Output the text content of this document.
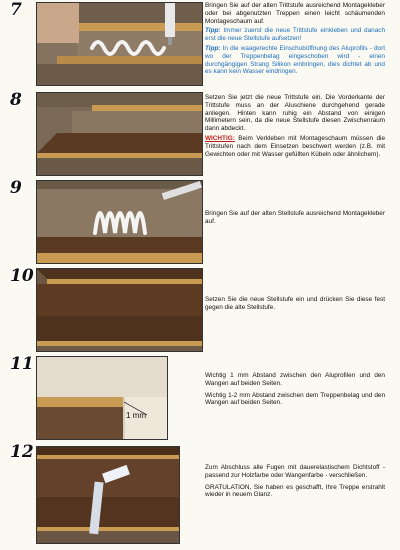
7	Bringen Sie auf der alten Trittstufe ausreichend Montagekleber oder bei abgenutzten Treppen einen leicht schäumenden Montageschaum auf.

Tipp: Immer zuerst die neue Trittstufe einkleben und danach erst die neue Stellstufe aufsetzen!

Tipp: In die waagerechte Einschuböffnung des Aluprofils - dort wo der Treppenbelag eingeschoben wird - einen durchgängigen Strang Silikon einbringen, dies dichtet ab und es kann kein Wasser eindringen.

8	Setzen Sie jetzt die neue Trittstufe ein. Die Vorderkante der Trittstufe muss an der Aluschiene durchgehend gerade anliegen. Hinten kann ruhig ein Abstand von einigen Millimetern sein, da die neue Stellstufe diesen Zwischenraum dann abdeckt.

WICHTIG: Beim Verkleben mit Montageschaum müssen die Trittstufen nach dem Einsetzen beschwert werden (z.B. mit Gewichten oder mit Wasser gefüllten Kübeln oder ähnlichem).

9

Bringen Sie auf der alten Stellstufe ausreichend Montagekleber auf.

10

Setzen Sie die neue Stellstufe ein und drücken Sie diese fest gegen die alte Stellstufe.

11
1 mm

Wichtig 1 mm Abstand zwischen den Aluprofilen und den Wangen auf beiden Seiten.

Wichtig 1-2 mm Abstand zwischen dem Treppenbelag und den Wangen auf beiden Seiten.

12

Zum Abschluss alle Fugen mit dauerelastischem Dichtstoff - passend zur Holzfarbe oder Wangenfarbe - verschließen.

GRATULATION, Sie haben es geschafft, Ihre Treppe erstrahlt wieder in neuem Glanz.
